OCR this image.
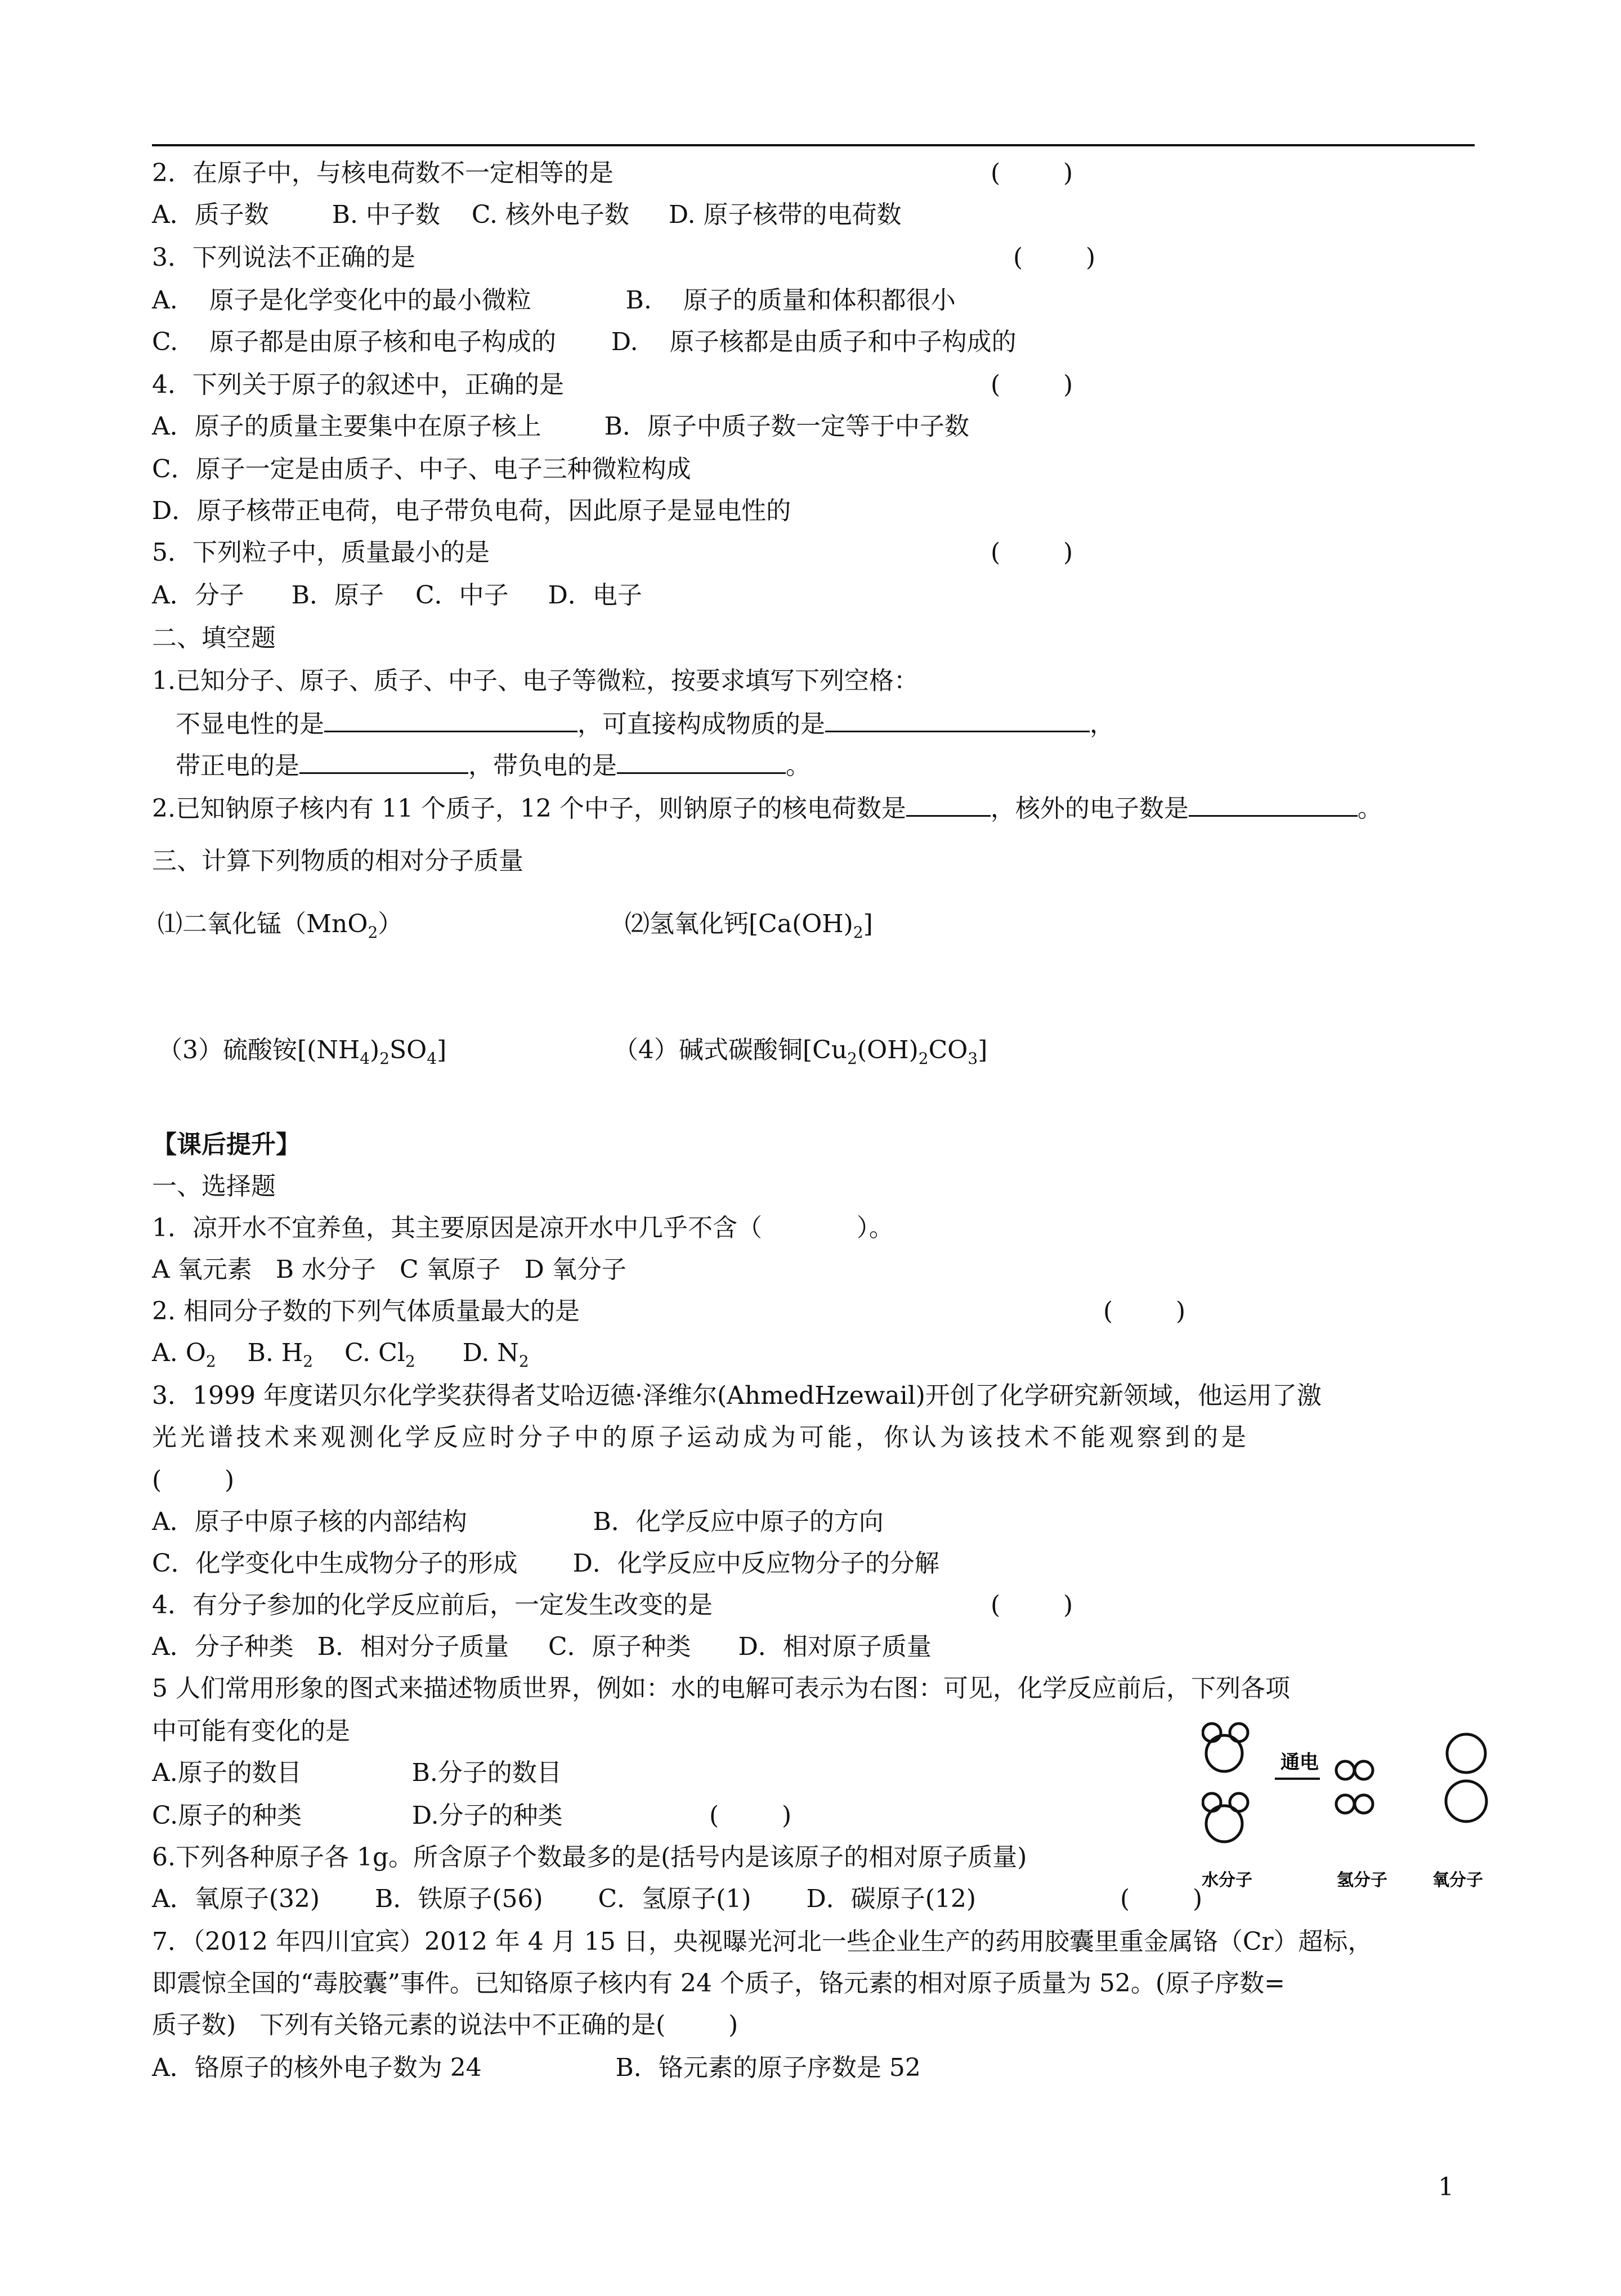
2．在原子中，与核电荷数不一定相等的是	(        )
A．质子数        B. 中子数    C. 核外电子数     D. 原子核带的电荷数
3．下列说法不正确的是	(        )
A.    原子是化学变化中的最小微粒            B.    原子的质量和体积都很小
C.    原子都是由原子核和电子构成的       D.    原子核都是由质子和中子构成的
4．下列关于原子的叙述中，正确的是	(        )
A．原子的质量主要集中在原子核上        B．原子中质子数一定等于中子数
C．原子一定是由质子、中子、电子三种微粒构成
D．原子核带正电荷，电子带负电荷，因此原子是显电性的
5．下列粒子中，质量最小的是	(        )
A．分子      B．原子    C．中子     D．电子
二、填空题
1.已知分子、原子、质子、中子、电子等微粒，按要求填写下列空格：
不显电性的是	，可直接构成物质的是	，
带正电的是	，带负电的是	。
2.已知钠原子核内有 11 个质子，12 个中子，则钠原子的核电荷数是	，核外的电子数是	。
三、计算下列物质的相对分子质量
⑴二氧化锰（MnO$_2$）	⑵氢氧化钙$[Ca(OH)_2]$
（3）硫酸铵$[(NH_4)_2SO_4]$	（4）碱式碳酸铜$[Cu_2(OH)_2CO_3]$
【课后提升】
一、选择题
1．凉开水不宜养鱼，其主要原因是凉开水中几乎不含（            ）。
A 氧元素   B 水分子   C 氧原子   D 氧分子
2. 相同分子数的下列气体质量最大的是	(        )
A. $O_2$    B. $H_2$    C. $Cl_2$      D. $N_2$
3．1999 年度诺贝尔化学奖获得者艾哈迈德·泽维尔(AhmedHzewail)开创了化学研究新领域，他运用了激
光光谱技术来观测化学反应时分子中的原子运动成为可能，你认为该技术不能观察到的是
(        )
A．原子中原子核的内部结构                B．化学反应中原子的方向
C．化学变化中生成物分子的形成       D．化学反应中反应物分子的分解
4．有分子参加的化学反应前后，一定发生改变的是	(        )
A．分子种类   B．相对分子质量     C．原子种类      D．相对原子质量
5 人们常用形象的图式来描述物质世界，例如：水的电解可表示为右图：可见，化学反应前后，下列各项
中可能有变化的是
A.原子的数目              B.分子的数目
C.原子的种类              D.分子的种类	(        )
6.下列各种原子各 1g。所含原子个数最多的是(括号内是该原子的相对原子质量)
A．氧原子(32)       B．铁原子(56)       C．氢原子(1)       D．碳原子(12)	(        )
7．（2012 年四川宜宾）2012 年 4 月 15 日，央视曝光河北一些企业生产的药用胶囊里重金属铬（Cr）超标，
即震惊全国的“毒胶囊”事件。已知铬原子核内有 24 个质子，铬元素的相对原子质量为 52。(原子序数=
质子数)   下列有关铬元素的说法中不正确的是(        )
A．铬原子的核外电子数为 24                 B．铬元素的原子序数是 52
通电
水分子	氢分子	氧分子
1
